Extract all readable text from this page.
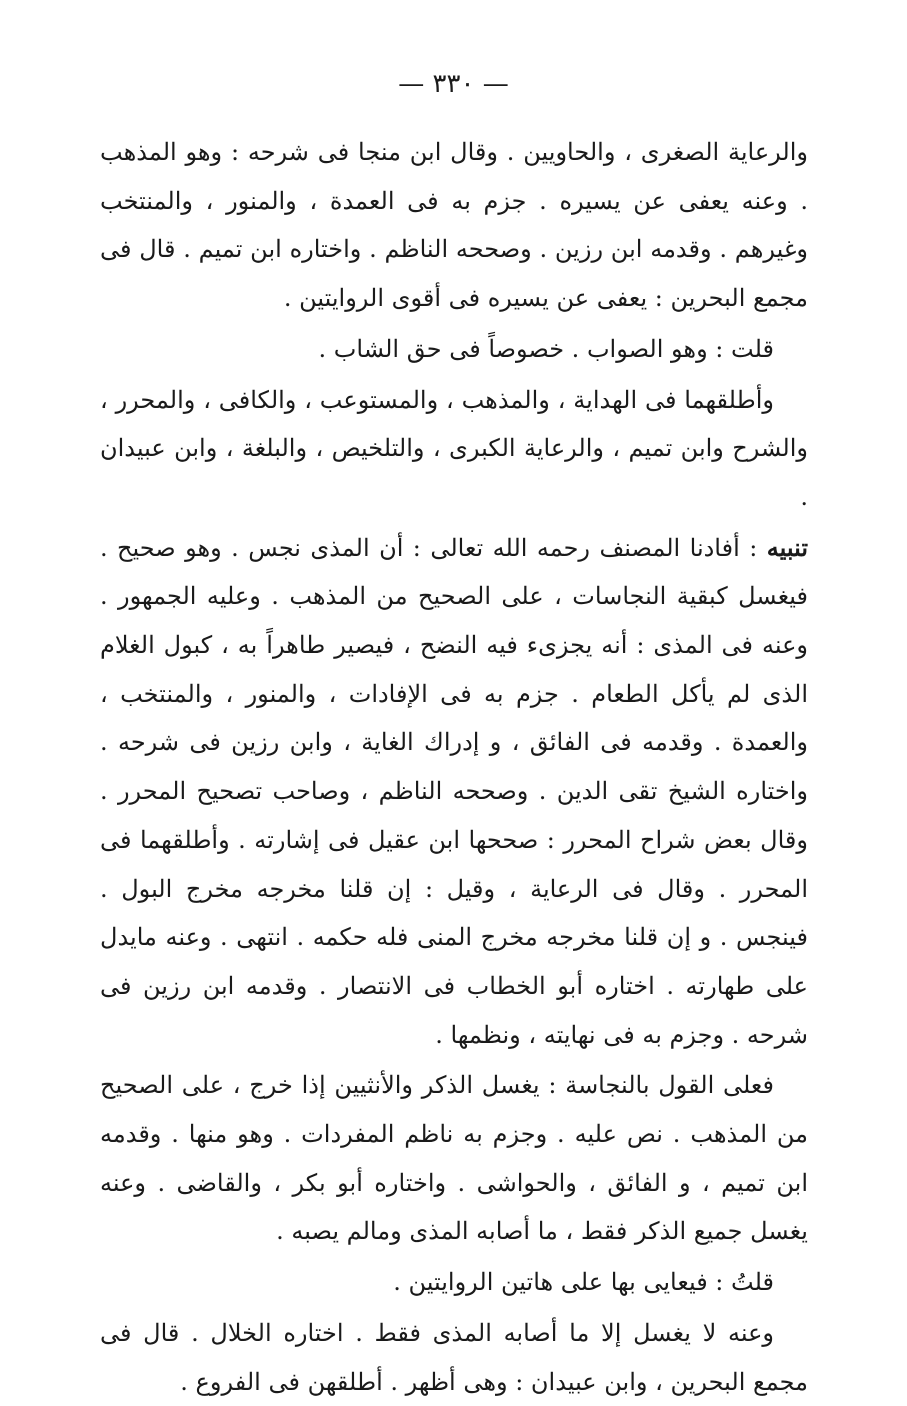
— ٣٣٠ —

والرعاية الصغرى ، والحاويين . وقال ابن منجا فى شرحه : وهو المذهب . وعنه يعفى عن يسيره . جزم به فى العمدة ، والمنور ، والمنتخب وغيرهم . وقدمه ابن رزين . وصححه الناظم . واختاره ابن تميم . قال فى مجمع البحرين : يعفى عن يسيره فى أقوى الروايتين .

قلت : وهو الصواب . خصوصاً فى حق الشاب .

وأطلقهما فى الهداية ، والمذهب ، والمستوعب ، والكافى ، والمحرر ، والشرح وابن تميم ، والرعاية الكبرى ، والتلخيص ، والبلغة ، وابن عبيدان .

تنبيه : أفادنا المصنف رحمه الله تعالى : أن المذى نجس . وهو صحيح . فيغسل كبقية النجاسات ، على الصحيح من المذهب . وعليه الجمهور . وعنه فى المذى : أنه يجزىء فيه النضح ، فيصير طاهراً به ، كبول الغلام الذى لم يأكل الطعام . جزم به فى الإفادات ، والمنور ، والمنتخب ، والعمدة . وقدمه فى الفائق ، و إدراك الغاية ، وابن رزين فى شرحه . واختاره الشيخ تقى الدين . وصححه الناظم ، وصاحب تصحيح المحرر . وقال بعض شراح المحرر : صححها ابن عقيل فى إشارته . وأطلقهما فى المحرر . وقال فى الرعاية ، وقيل : إن قلنا مخرجه مخرج البول . فينجس . و إن قلنا مخرجه مخرج المنى فله حكمه . انتهى . وعنه مايدل على طهارته . اختاره أبو الخطاب فى الانتصار . وقدمه ابن رزين فى شرحه . وجزم به فى نهايته ، ونظمها .

فعلى القول بالنجاسة : يغسل الذكر والأنثيين إذا خرج ، على الصحيح من المذهب . نص عليه . وجزم به ناظم المفردات . وهو منها . وقدمه ابن تميم ، و الفائق ، والحواشى . واختاره أبو بكر ، والقاضى . وعنه يغسل جميع الذكر فقط ، ما أصابه المذى ومالم يصبه .

قلتُ : فيعايى بها على هاتين الروايتين .

وعنه لا يغسل إلا ما أصابه المذى فقط . اختاره الخلال . قال فى مجمع البحرين ، وابن عبيدان : وهى أظهر . أطلقهن فى الفروع .
